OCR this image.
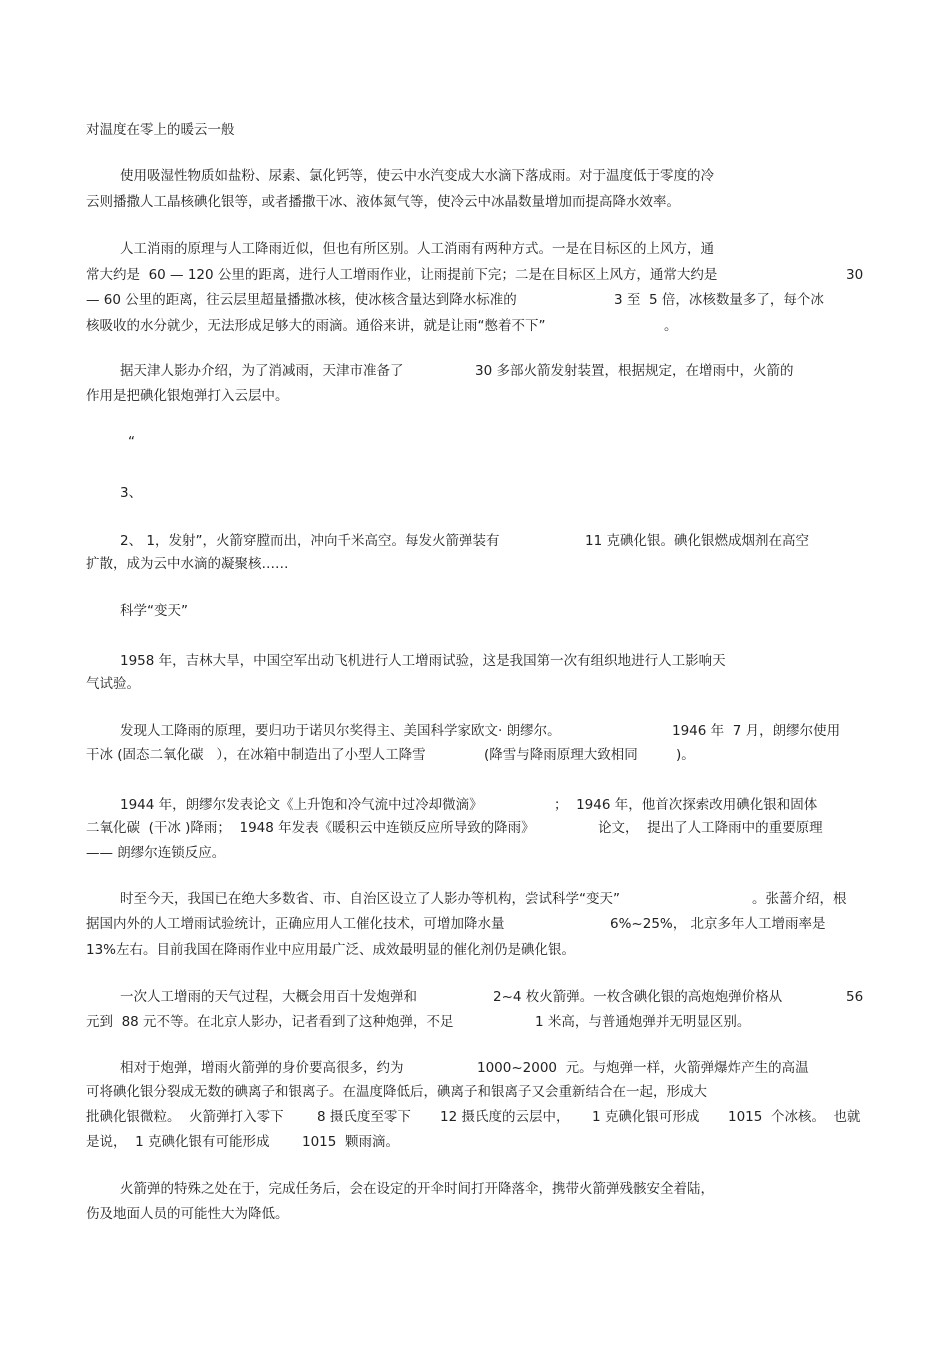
对温度在零上的暖云一般
使用吸湿性物质如盐粉、尿素、氯化钙等，使云中水汽变成大水滴下落成雨。对于温度低于零度的冷
云则播撒人工晶核碘化银等，或者播撒干冰、液体氮气等，使冷云中冰晶数量增加而提高降水效率。
人工消雨的原理与人工降雨近似，但也有所区别。人工消雨有两种方式。一是在目标区的上风方，通
常大约是  60 — 120 公里的距离，进行人工增雨作业，让雨提前下完；二是在目标区上风方，通常大约是	30
— 60 公里的距离，往云层里超量播撒冰核，使冰核含量达到降水标准的	3 至  5 倍，冰核数量多了，每个冰
核吸收的水分就少，无法形成足够大的雨滴。通俗来讲，就是让雨“憋着不下”	。
据天津人影办介绍，为了消减雨，天津市准备了	30 多部火箭发射装置，根据规定，在增雨中，火箭的
作用是把碘化银炮弹打入云层中。
“
3、
2、 1，发射”，火箭穿膛而出，冲向千米高空。每发火箭弹装有	11 克碘化银。碘化银燃成烟剂在高空
扩散，成为云中水滴的凝聚核……
科学“变天”
1958 年，吉林大旱，中国空军出动飞机进行人工增雨试验，这是我国第一次有组织地进行人工影响天
气试验。
发现人工降雨的原理，要归功于诺贝尔奖得主、美国科学家欧文· 朗缪尔。	1946 年  7 月，朗缪尔使用
干冰 (固态二氧化碳   ），在冰箱中制造出了小型人工降雪	(降雪与降雨原理大致相同	)。
1944 年，朗缪尔发表论文《上升饱和冷气流中过冷却微滴》	；  1946 年，他首次探索改用碘化银和固体
二氧化碳  (干冰 )降雨；  1948 年发表《暖积云中连锁反应所导致的降雨》	论文，  提出了人工降雨中的重要原理
—— 朗缪尔连锁反应。
时至今天，我国已在绝大多数省、市、自治区设立了人影办等机构，尝试科学“变天”	。张蔷介绍，根
据国内外的人工增雨试验统计，正确应用人工催化技术，可增加降水量	6%~25%， 北京多年人工增雨率是
13%左右。目前我国在降雨作业中应用最广泛、成效最明显的催化剂仍是碘化银。
一次人工增雨的天气过程，大概会用百十发炮弹和	2~4 枚火箭弹。一枚含碘化银的高炮炮弹价格从	56
元到  88 元不等。在北京人影办，记者看到了这种炮弹，不足	1 米高，与普通炮弹并无明显区别。
相对于炮弹，增雨火箭弹的身价要高很多，约为	1000~2000  元。与炮弹一样，火箭弹爆炸产生的高温
可将碘化银分裂成无数的碘离子和银离子。在温度降低后，碘离子和银离子又会重新结合在一起，形成大
批碘化银微粒。  火箭弹打入零下 8 摄氏度至零下 12 摄氏度的云层中， 1 克碘化银可形成 1015  个冰核。  也就
是说，  1 克碘化银有可能形成 1015  颗雨滴。
火箭弹的特殊之处在于，完成任务后，会在设定的开伞时间打开降落伞，携带火箭弹残骸安全着陆，
伤及地面人员的可能性大为降低。
